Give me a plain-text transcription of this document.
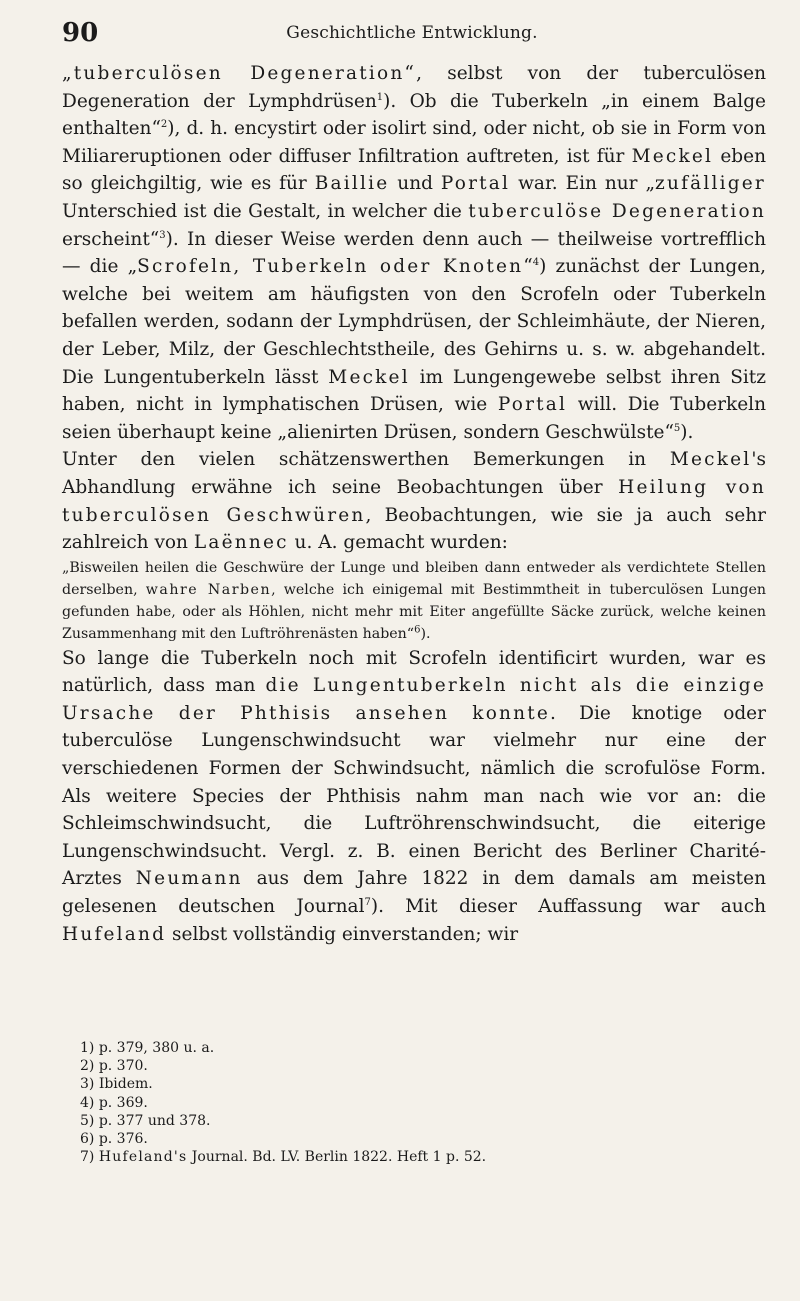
90	Geschichtliche Entwicklung.

„tuberculösen Degeneration“, selbst von der tuberculösen Degeneration der Lymphdrüsen$^1$). Ob die Tuberkeln „in einem Balge enthalten“$^2$), d. h. encystirt oder isolirt sind, oder nicht, ob sie in Form von Miliareruptionen oder diffuser Infiltration auftreten, ist für Meckel eben so gleichgiltig, wie es für Baillie und Portal war. Ein nur „zufälliger Unterschied ist die Gestalt, in welcher die tuberculöse Degeneration erscheint“$^3$). In dieser Weise werden denn auch — theilweise vortrefflich — die „Scrofeln, Tuberkeln oder Knoten“$^4$) zunächst der Lungen, welche bei weitem am häufigsten von den Scrofeln oder Tuberkeln befallen werden, sodann der Lymphdrüsen, der Schleimhäute, der Nieren, der Leber, Milz, der Geschlechtstheile, des Gehirns u. s. w. abgehandelt. Die Lungentuberkeln lässt Meckel im Lungengewebe selbst ihren Sitz haben, nicht in lymphatischen Drüsen, wie Portal will. Die Tuberkeln seien überhaupt keine „alienirten Drüsen, sondern Geschwülste“$^5$).

Unter den vielen schätzenswerthen Bemerkungen in Meckel's Abhandlung erwähne ich seine Beobachtungen über Heilung von tuberculösen Geschwüren, Beobachtungen, wie sie ja auch sehr zahlreich von Laënnec u. A. gemacht wurden:

„Bisweilen heilen die Geschwüre der Lunge und bleiben dann entweder als verdichtete Stellen derselben, wahre Narben, welche ich einigemal mit Bestimmtheit in tuberculösen Lungen gefunden habe, oder als Höhlen, nicht mehr mit Eiter angefüllte Säcke zurück, welche keinen Zusammenhang mit den Luftröhrenästen haben“$^6$).

So lange die Tuberkeln noch mit Scrofeln identificirt wurden, war es natürlich, dass man die Lungentuberkeln nicht als die einzige Ursache der Phthisis ansehen konnte. Die knotige oder tuberculöse Lungenschwindsucht war vielmehr nur eine der verschiedenen Formen der Schwindsucht, nämlich die scrofulöse Form. Als weitere Species der Phthisis nahm man nach wie vor an: die Schleimschwindsucht, die Luftröhrenschwindsucht, die eiterige Lungenschwindsucht. Vergl. z. B. einen Bericht des Berliner Charité-Arztes Neumann aus dem Jahre 1822 in dem damals am meisten gelesenen deutschen Journal$^7$). Mit dieser Auffassung war auch Hufeland selbst vollständig einverstanden; wir

1) p. 379, 380 u. a.
2) p. 370.
3) Ibidem.
4) p. 369.
5) p. 377 und 378.
6) p. 376.
7) Hufeland's Journal. Bd. LV. Berlin 1822. Heft 1 p. 52.
